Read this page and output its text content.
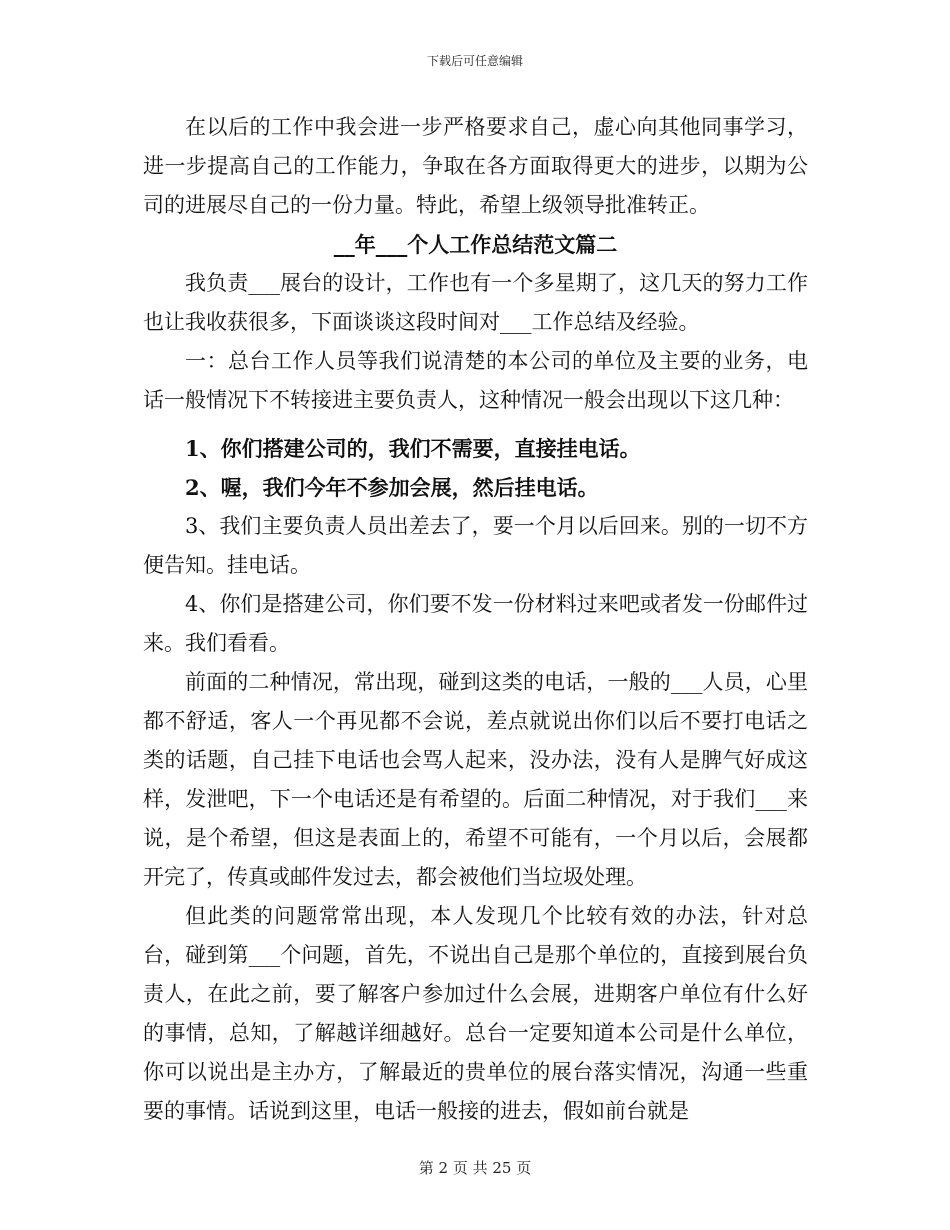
下载后可任意编辑

在以后的工作中我会进一步严格要求自己，虚心向其他同事学习，进一步提高自己的工作能力，争取在各方面取得更大的进步，以期为公司的进展尽自己的一份力量。特此，希望上级领导批准转正。

__年___个人工作总结范文篇二

我负责___展台的设计，工作也有一个多星期了，这几天的努力工作也让我收获很多，下面谈谈这段时间对___工作总结及经验。

一：总台工作人员等我们说清楚的本公司的单位及主要的业务，电话一般情况下不转接进主要负责人，这种情况一般会出现以下这几种：

1、你们搭建公司的，我们不需要，直接挂电话。

2、喔，我们今年不参加会展，然后挂电话。

3、我们主要负责人员出差去了，要一个月以后回来。别的一切不方便告知。挂电话。

4、你们是搭建公司，你们要不发一份材料过来吧或者发一份邮件过来。我们看看。

前面的二种情况，常出现，碰到这类的电话，一般的___人员，心里都不舒适，客人一个再见都不会说，差点就说出你们以后不要打电话之类的话题，自己挂下电话也会骂人起来，没办法，没有人是脾气好成这样，发泄吧，下一个电话还是有希望的。后面二种情况，对于我们___来说，是个希望，但这是表面上的，希望不可能有，一个月以后，会展都开完了，传真或邮件发过去，都会被他们当垃圾处理。

但此类的问题常常出现，本人发现几个比较有效的办法，针对总台，碰到第___个问题，首先，不说出自己是那个单位的，直接到展台负责人，在此之前，要了解客户参加过什么会展，进期客户单位有什么好的事情，总知，了解越详细越好。总台一定要知道本公司是什么单位，你可以说出是主办方，了解最近的贵单位的展台落实情况，沟通一些重要的事情。话说到这里，电话一般接的进去，假如前台就是

第 2 页 共 25 页
